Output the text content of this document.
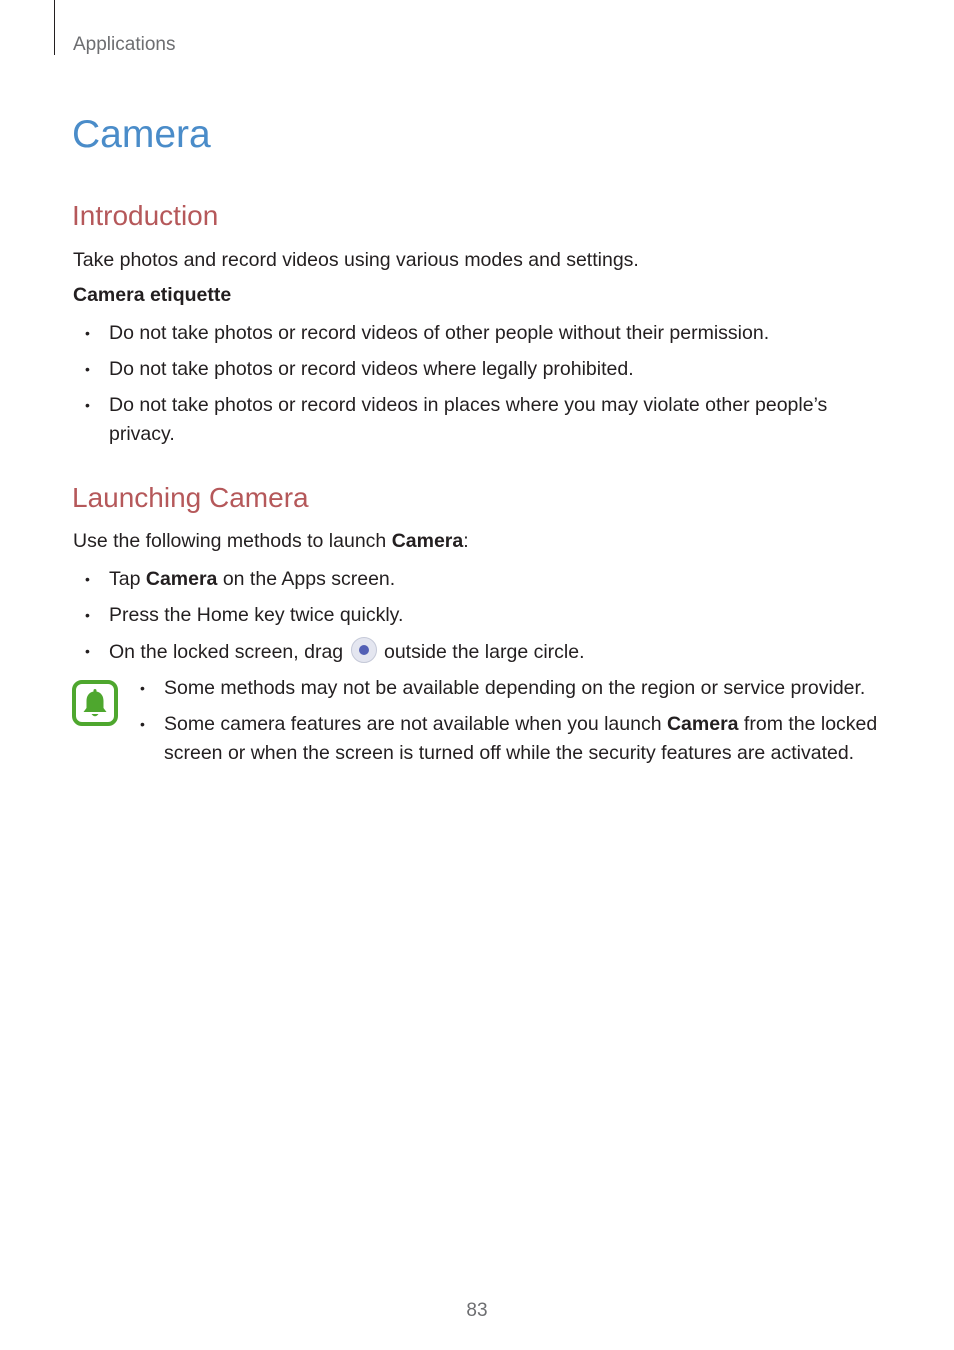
Applications

Camera
Introduction

Take photos and record videos using various modes and settings.

Camera etiquette

• Do not take photos or record videos of other people without their permission.
• Do not take photos or record videos where legally prohibited.
• Do not take photos or record videos in places where you may violate other people’s
privacy.
Launching Camera

Use the following methods to launch Camera:

• Tap Camera on the Apps screen.
• Press the Home key twice quickly.
• On the locked screen, drag  outside the large circle.
• Some methods may not be available depending on the region or service provider.
• Some camera features are not available when you launch Camera from the locked
screen or when the screen is turned off while the security features are activated.

83
